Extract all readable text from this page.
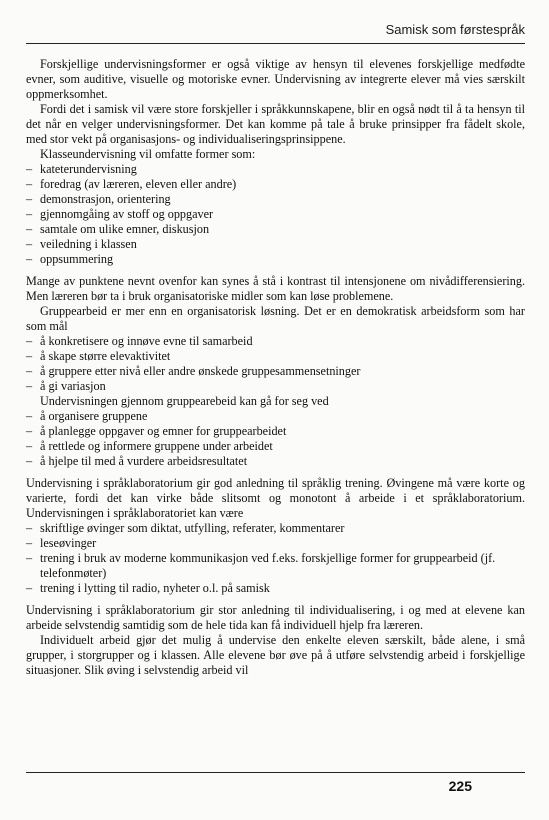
Samisk som førstespråk

Forskjellige undervisningsformer er også viktige av hensyn til elevenes forskjellige medfødte evner, som auditive, visuelle og motoriske evner. Undervisning av integrerte elever må vies særskilt oppmerksomhet.

Fordi det i samisk vil være store forskjeller i språkkunnskapene, blir en også nødt til å ta hensyn til det når en velger undervisningsformer. Det kan komme på tale å bruke prinsipper fra fådelt skole, med stor vekt på organisasjons- og individualiseringsprinsippene.

Klasseundervisning vil omfatte former som:

– kateterundervisning
– foredrag (av læreren, eleven eller andre)
– demonstrasjon, orientering
– gjennomgåing av stoff og oppgaver
– samtale om ulike emner, diskusjon
– veiledning i klassen
– oppsummering

Mange av punktene nevnt ovenfor kan synes å stå i kontrast til intensjonene om nivådifferensiering. Men læreren bør ta i bruk organisatoriske midler som kan løse problemene.

Gruppearbeid er mer enn en organisatorisk løsning. Det er en demokratisk arbeidsform som har som mål

– å konkretisere og innøve evne til samarbeid
– å skape større elevaktivitet
– å gruppere etter nivå eller andre ønskede gruppesammensetninger
– å gi variasjon

Undervisningen gjennom gruppearebeid kan gå for seg ved

– å organisere gruppene
– å planlegge oppgaver og emner for gruppearbeidet
– å rettlede og informere gruppene under arbeidet
– å hjelpe til med å vurdere arbeidsresultatet

Undervisning i språklaboratorium gir god anledning til språklig trening. Øvingene må være korte og varierte, fordi det kan virke både slitsomt og monotont å arbeide i et språklaboratorium. Undervisningen i språklaboratoriet kan være

– skriftlige øvinger som diktat, utfylling, referater, kommentarer
– leseøvinger
– trening i bruk av moderne kommunikasjon ved f.eks. forskjellige former for gruppearbeid (jf. telefonmøter)
– trening i lytting til radio, nyheter o.l. på samisk

Undervisning i språklaboratorium gir stor anledning til individualisering, i og med at elevene kan arbeide selvstendig samtidig som de hele tida kan få individuell hjelp fra læreren.

Individuelt arbeid gjør det mulig å undervise den enkelte eleven særskilt, både alene, i små grupper, i storgrupper og i klassen. Alle elevene bør øve på å utføre selvstendig arbeid i forskjellige situasjoner. Slik øving i selvstendig arbeid vil

225
